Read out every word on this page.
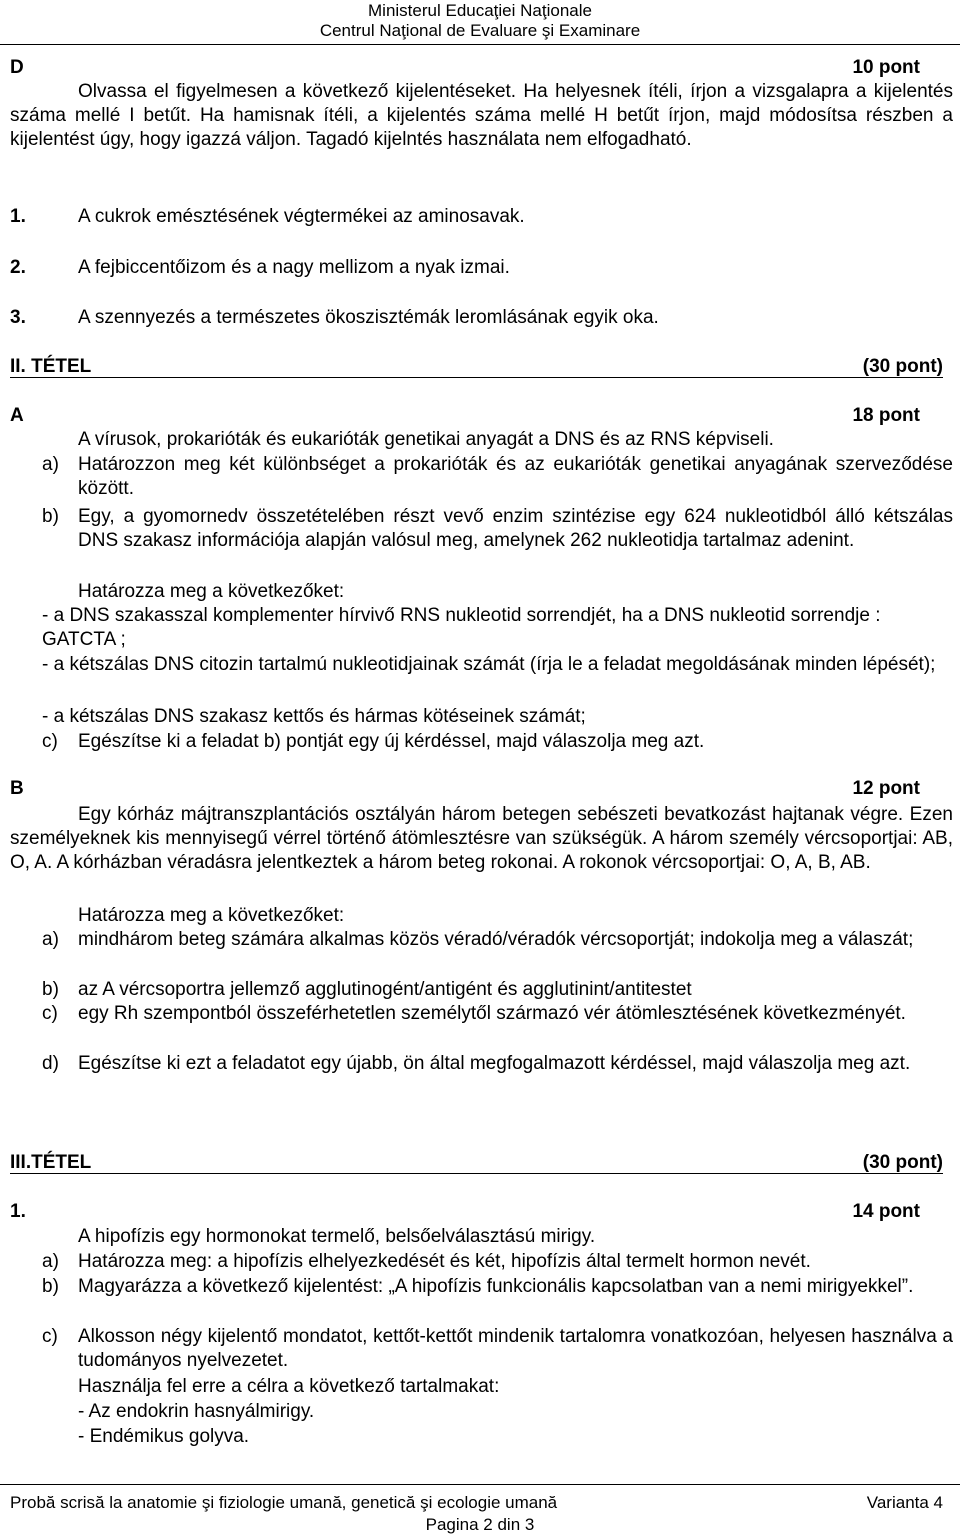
Ministerul Educaţiei Naţionale
Centrul Naţional de Evaluare şi Examinare
D	10 pont
Olvassa el figyelmesen a következő kijelentéseket. Ha helyesnek ítéli, írjon a vizsgalapra a kijelentés száma mellé I betűt. Ha hamisnak ítéli, a kijelentés száma mellé H betűt írjon, majd módosítsa részben a kijelentést úgy, hogy igazzá váljon. Tagadó kijelntés használata nem elfogadható.
1.	A cukrok emésztésének végtermékei az aminosavak.
2.	A fejbiccentőizom és a nagy mellizom a nyak izmai.
3.	A szennyezés a természetes ökoszisztémák leromlásának egyik oka.
II. TÉTEL	(30 pont)
A	18 pont
A vírusok, prokarióták és eukarióták genetikai anyagát a DNS és az RNS képviseli.
a) Határozzon meg két különbséget a prokarióták és az eukarióták genetikai anyagának szerveződése között.
b) Egy, a gyomornedv összetételében részt vevő enzim szintézise egy 624 nukleotidból álló kétszálas DNS szakasz információja alapján valósul meg, amelynek 262 nukleotidja tartalmaz adenint.
Határozza meg a következőket:
- a DNS szakasszal komplementer hírvivő RNS nukleotid sorrendjét, ha a DNS nukleotid sorrendje : GATCTA ;
- a kétszálas DNS citozin tartalmú nukleotidjainak számát (írja le a feladat megoldásának minden lépését);
- a kétszálas DNS szakasz kettős és hármas kötéseinek számát;
c) Egészítse ki a feladat b) pontját egy új kérdéssel, majd válaszolja meg azt.
B	12 pont
Egy kórház májtranszplantációs osztályán három betegen sebészeti bevatkozást hajtanak végre. Ezen személyeknek kis mennyisegű vérrel történő átömlesztésre van szükségük. A három személy vércsoportjai: AB, O, A. A kórházban véradásra jelentkeztek a három beteg rokonai. A rokonok vércsoportjai: O, A, B, AB.
Határozza meg a következőket:
a) mindhárom beteg számára alkalmas közös véradó/véradók vércsoportját; indokolja meg a válaszát;
b) az A vércsoportra jellemző agglutinogént/antigént és agglutinint/antitestet
c) egy Rh szempontból összeférhetetlen személytől származó vér átömlesztésének következményét.
d) Egészítse ki ezt a feladatot egy újabb, ön által megfogalmazott kérdéssel, majd válaszolja meg azt.
III.TÉTEL	(30 pont)
1.	14 pont
A hipofízis egy hormonokat termelő, belsőelválasztású mirigy.
a) Határozza meg: a hipofízis elhelyezkedését és két, hipofízis által termelt hormon nevét.
b) Magyarázza a következő kijelentést: „A hipofízis funkcionális kapcsolatban van a nemi mirigyekkel”.
c) Alkosson négy kijelentő mondatot, kettőt-kettőt mindenik tartalomra vonatkozóan, helyesen használva a tudományos nyelvezetet.
Használja fel erre a célra a következő tartalmakat:
- Az endokrin hasnyálmirigy.
- Endémikus golyva.
Probă scrisă la anatomie şi fiziologie umană, genetică şi ecologie umană	Varianta 4
Pagina 2 din 3
